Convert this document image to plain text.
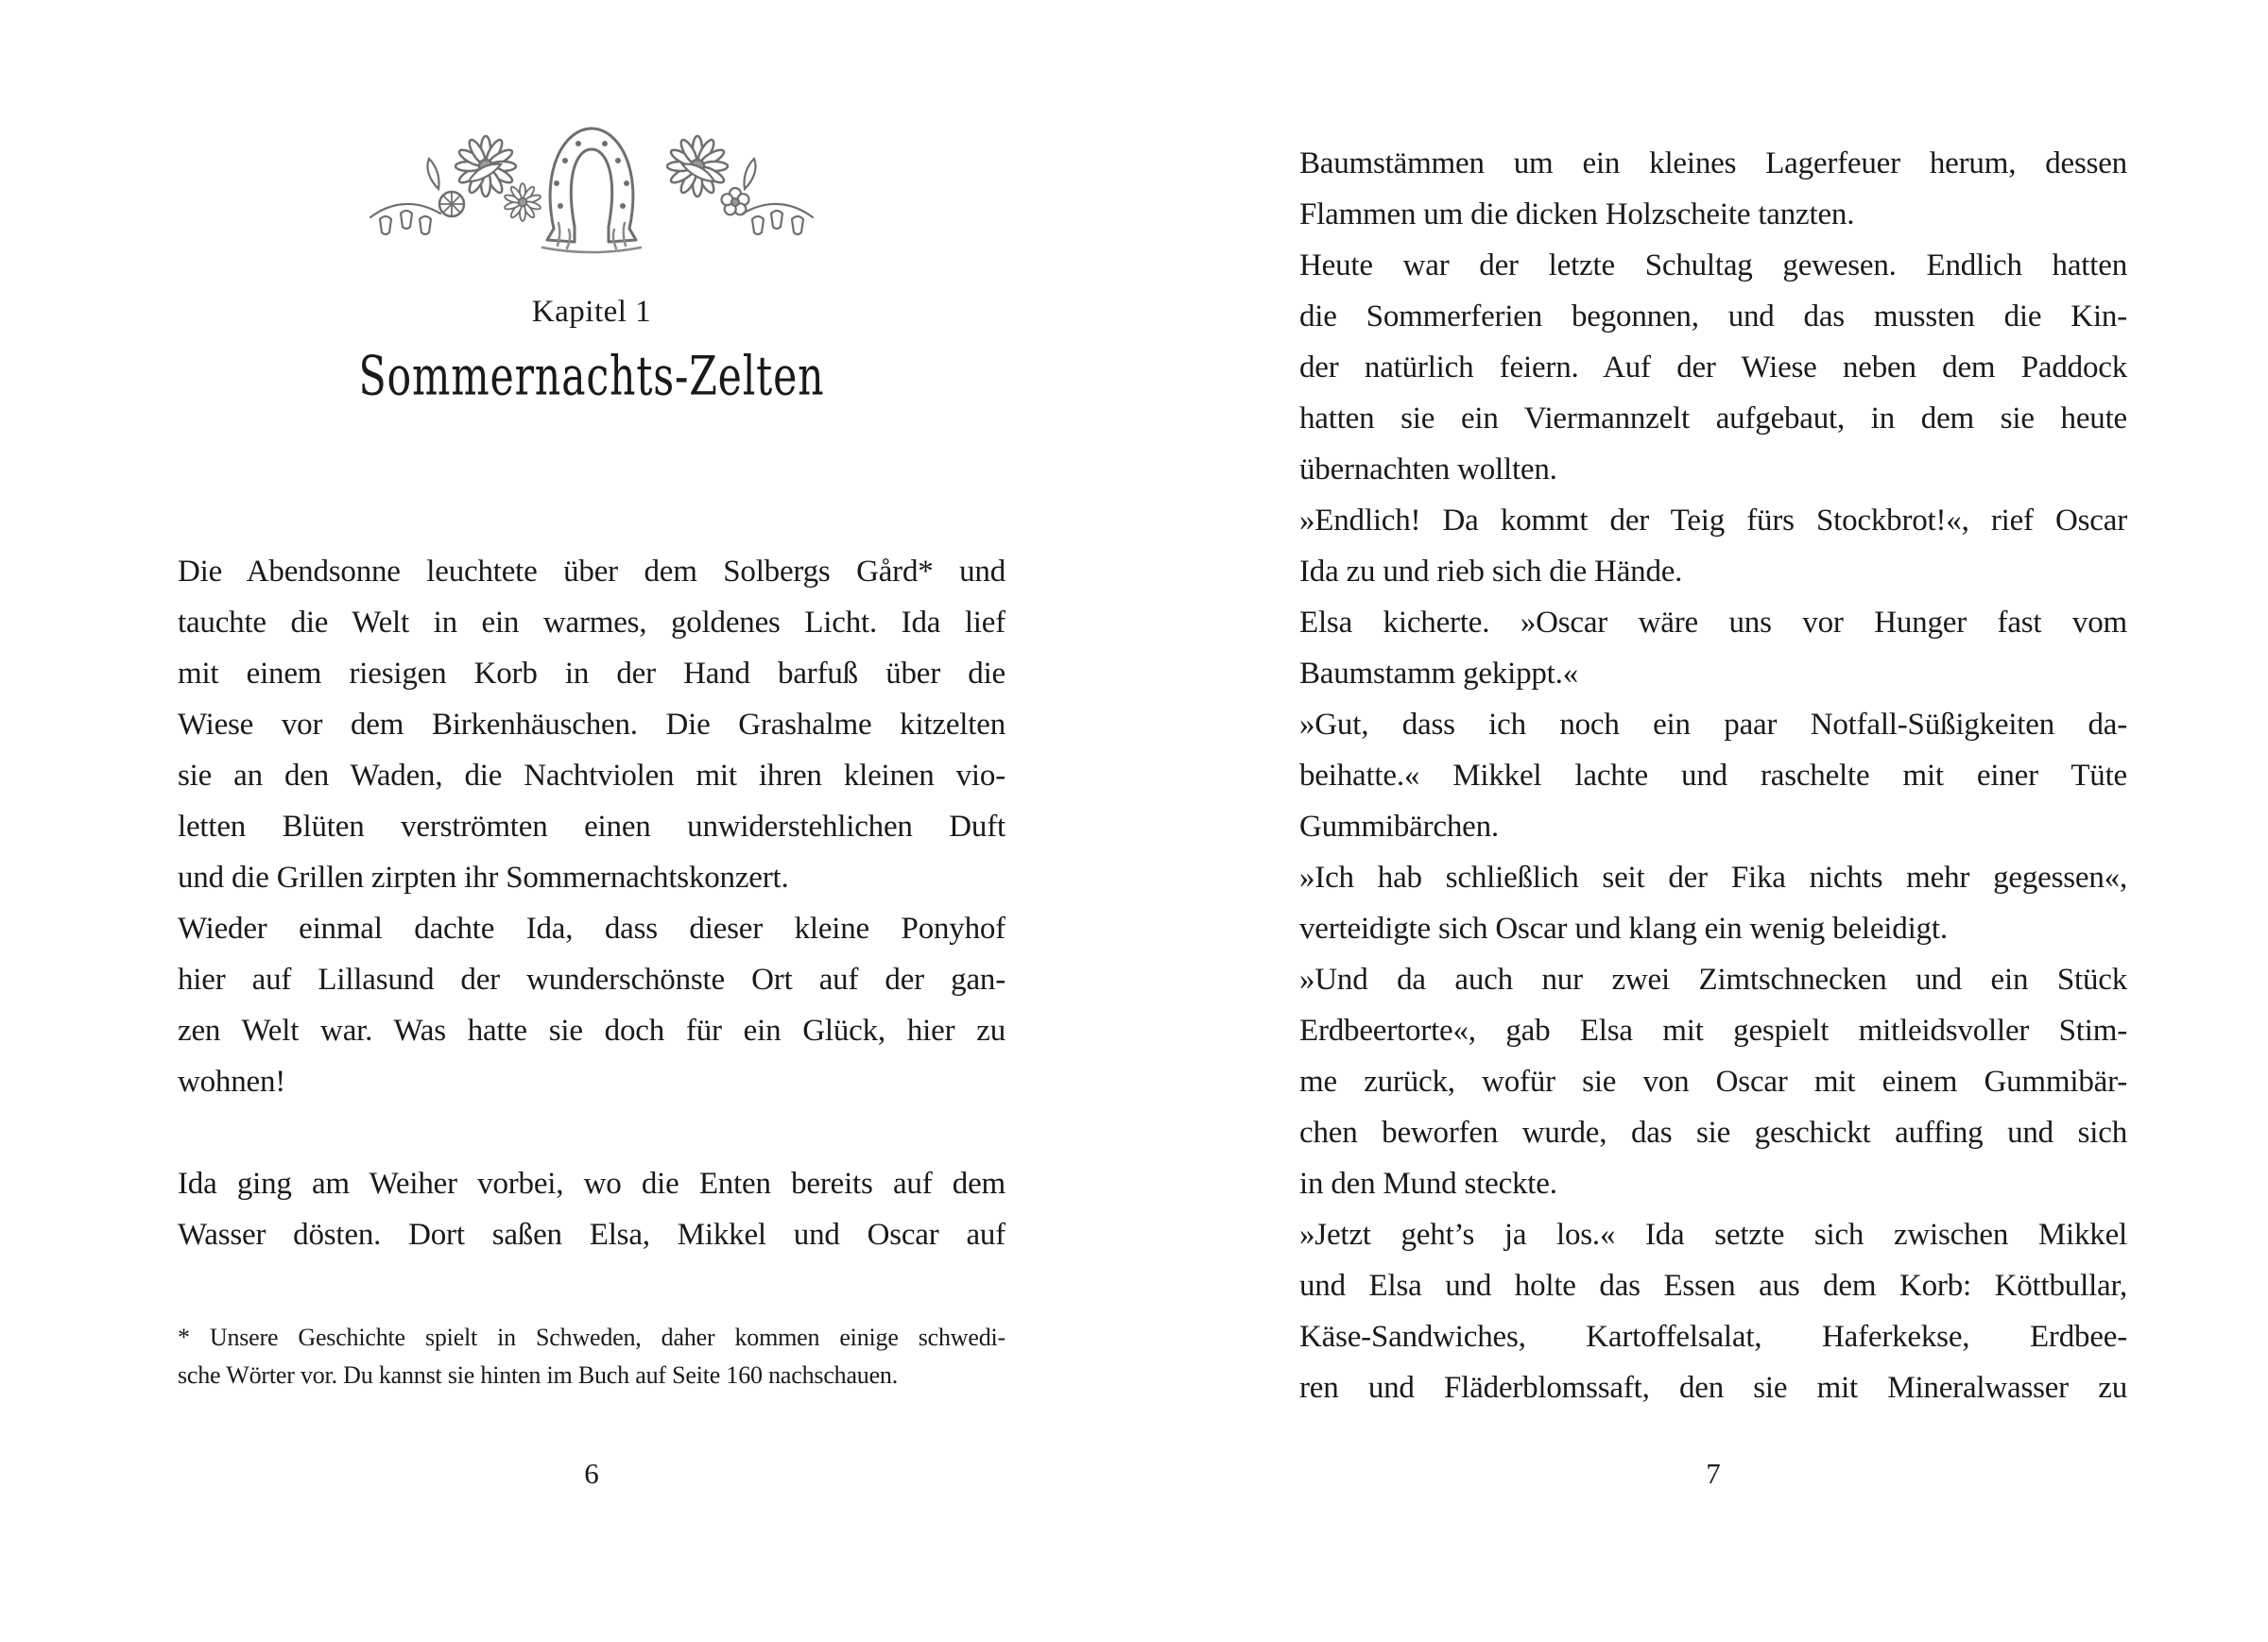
Kapitel 1
Sommernachts-Zelten
Die Abendsonne leuchtete über dem Solbergs Gård* und
tauchte die Welt in ein warmes, goldenes Licht. Ida lief
mit einem riesigen Korb in der Hand barfuß über die
Wiese vor dem Birkenhäuschen. Die Grashalme kitzelten
sie an den Waden, die Nachtviolen mit ihren kleinen vio-
letten Blüten verströmten einen unwiderstehlichen Duft
und die Grillen zirpten ihr Sommernachtskonzert.
Wieder einmal dachte Ida, dass dieser kleine Ponyhof
hier auf Lillasund der wunderschönste Ort auf der gan-
zen Welt war. Was hatte sie doch für ein Glück, hier zu
wohnen!
Ida ging am Weiher vorbei, wo die Enten bereits auf dem
Wasser dösten. Dort saßen Elsa, Mikkel und Oscar auf
* Unsere Geschichte spielt in Schweden, daher kommen einige schwedi-
sche Wörter vor. Du kannst sie hinten im Buch auf Seite 160 nachschauen.
6
Baumstämmen um ein kleines Lagerfeuer herum, dessen
Flammen um die dicken Holzscheite tanzten.
Heute war der letzte Schultag gewesen. Endlich hatten
die Sommerferien begonnen, und das mussten die Kin-
der natürlich feiern. Auf der Wiese neben dem Paddock
hatten sie ein Viermannzelt aufgebaut, in dem sie heute
übernachten wollten.
»Endlich! Da kommt der Teig fürs Stockbrot!«, rief Oscar
Ida zu und rieb sich die Hände.
Elsa kicherte. »Oscar wäre uns vor Hunger fast vom
Baumstamm gekippt.«
»Gut, dass ich noch ein paar Notfall-Süßigkeiten da-
beihatte.« Mikkel lachte und raschelte mit einer Tüte
Gummibärchen.
»Ich hab schließlich seit der Fika nichts mehr gegessen«,
verteidigte sich Oscar und klang ein wenig beleidigt.
»Und da auch nur zwei Zimtschnecken und ein Stück
Erdbeertorte«, gab Elsa mit gespielt mitleidsvoller Stim-
me zurück, wofür sie von Oscar mit einem Gummibär-
chen beworfen wurde, das sie geschickt auffing und sich
in den Mund steckte.
»Jetzt geht’s ja los.« Ida setzte sich zwischen Mikkel
und Elsa und holte das Essen aus dem Korb: Köttbullar,
Käse-Sandwiches, Kartoffelsalat, Haferkekse, Erdbee-
ren und Fläderblomssaft, den sie mit Mineralwasser zu
7
